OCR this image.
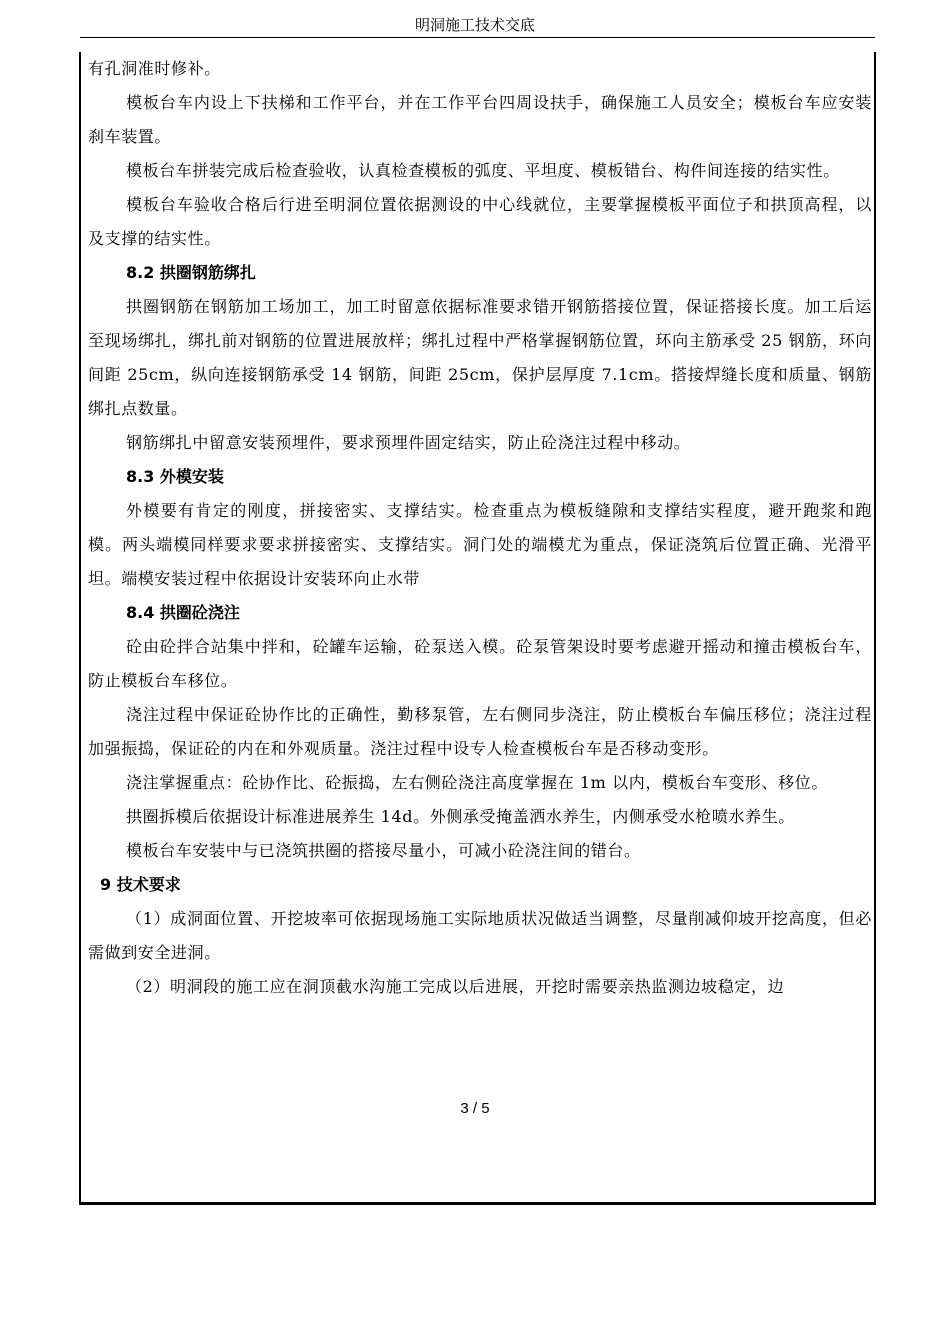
明洞施工技术交底

有孔洞准时修补。

模板台车内设上下扶梯和工作平台，并在工作平台四周设扶手，确保施工人员安全；模板台车应安装刹车装置。

模板台车拼装完成后检查验收，认真检查模板的弧度、平坦度、模板错台、构件间连接的结实性。

模板台车验收合格后行进至明洞位置依据测设的中心线就位，主要掌握模板平面位子和拱顶高程，以及支撑的结实性。

8.2 拱圈钢筋绑扎

拱圈钢筋在钢筋加工场加工，加工时留意依据标准要求错开钢筋搭接位置，保证搭接长度。加工后运至现场绑扎，绑扎前对钢筋的位置进展放样；绑扎过程中严格掌握钢筋位置，环向主筋承受 25 钢筋，环向间距 25cm，纵向连接钢筋承受 14 钢筋，间距 25cm，保护层厚度 7.1cm。搭接焊缝长度和质量、钢筋绑扎点数量。

钢筋绑扎中留意安装预埋件，要求预埋件固定结实，防止砼浇注过程中移动。

8.3 外模安装

外模要有肯定的刚度，拼接密实、支撑结实。检查重点为模板缝隙和支撑结实程度，避开跑浆和跑模。两头端模同样要求要求拼接密实、支撑结实。洞门处的端模尤为重点，保证浇筑后位置正确、光滑平坦。端模安装过程中依据设计安装环向止水带

8.4 拱圈砼浇注

砼由砼拌合站集中拌和，砼罐车运输，砼泵送入模。砼泵管架设时要考虑避开摇动和撞击模板台车，防止模板台车移位。

浇注过程中保证砼协作比的正确性，勤移泵管，左右侧同步浇注，防止模板台车偏压移位；浇注过程加强振捣，保证砼的内在和外观质量。浇注过程中设专人检查模板台车是否移动变形。

浇注掌握重点：砼协作比、砼振捣，左右侧砼浇注高度掌握在 1m 以内，模板台车变形、移位。

拱圈拆模后依据设计标准进展养生 14d。外侧承受掩盖洒水养生，内侧承受水枪喷水养生。

模板台车安装中与已浇筑拱圈的搭接尽量小，可减小砼浇注间的错台。

9 技术要求

（1）成洞面位置、开挖坡率可依据现场施工实际地质状况做适当调整，尽量削减仰坡开挖高度，但必需做到安全进洞。

（2）明洞段的施工应在洞顶截水沟施工完成以后进展，开挖时需要亲热监测边坡稳定，边

3 / 5
